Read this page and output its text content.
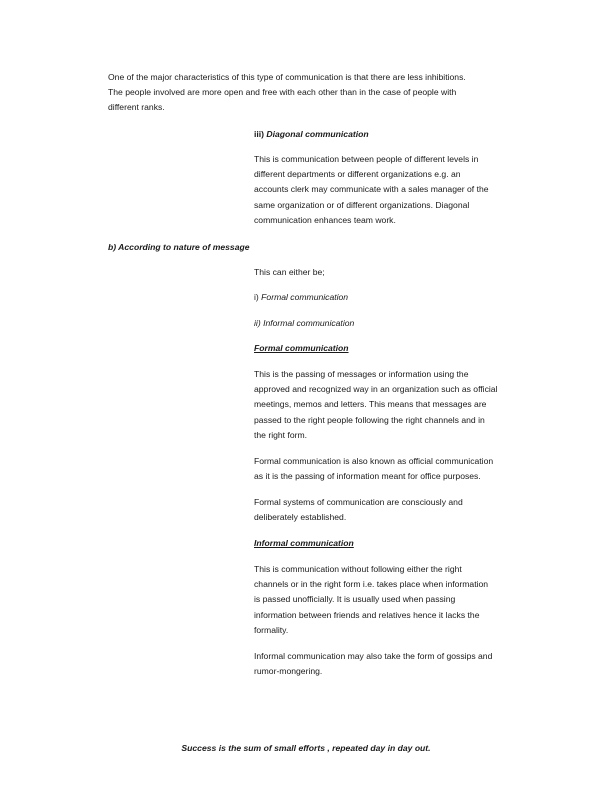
One of the major characteristics of this type of communication is that there are less inhibitions.
The people involved are more open and free with each other than in the case of people with
different ranks.
iii) Diagonal communication
This is communication between people of different levels in
different departments or different organizations e.g. an
accounts clerk may communicate with a sales manager of the
same organization or of different organizations. Diagonal
communication enhances team work.
b) According to nature of message
This can either be;
i) Formal communication
ii) Informal communication
Formal communication
This is the passing of messages or information using the
approved and recognized way in an organization such as official
meetings, memos and letters. This means that messages are
passed to the right people following the right channels and in
the right form.
Formal communication is also known as official communication
as it is the passing of information meant for office purposes.
Formal systems of communication are consciously and
deliberately established.
Informal communication
This is communication without following either the right
channels or in the right form i.e. takes place when information
is passed unofficially. It is usually used when passing
information between friends and relatives hence it lacks the
formality.
Informal communication may also take the form of gossips and
rumor-mongering.
Success is the sum of small efforts , repeated day in day out.
